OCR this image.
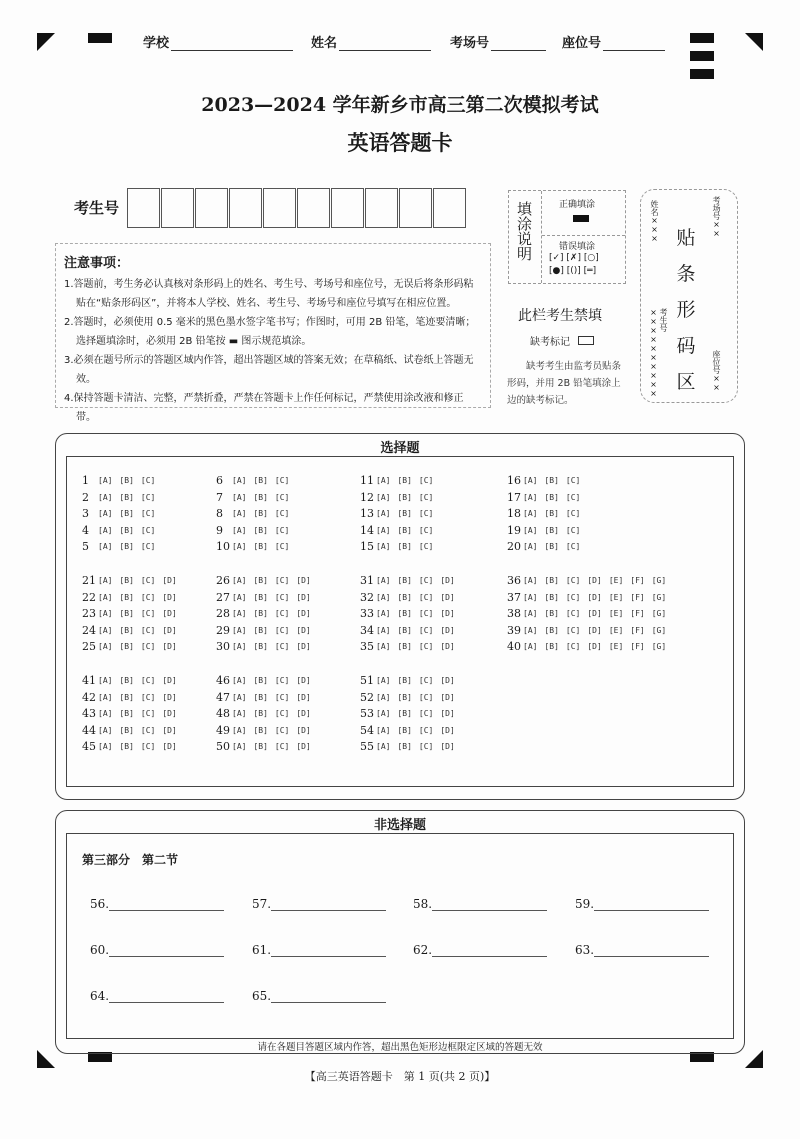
学校	姓名	考场号	座位号
2023—2024 学年新乡市高三第二次模拟考试
英语答题卡
考生号
注意事项：
1.答题前，考生务必认真核对条形码上的姓名、考生号、考场号和座位号，无误后将条形码粘贴在“贴条形码区”，并将本人学校、姓名、考生号、考场号和座位号填写在相应位置。
2.答题时，必须使用 0.5 毫米的黑色墨水签字笔书写；作图时，可用 2B 铅笔，笔迹要清晰；选择题填涂时，必须用 2B 铅笔按 ▬ 图示规范填涂。
3.必须在题号所示的答题区域内作答，超出答题区域的答案无效；在草稿纸、试卷纸上答题无效。
4.保持答题卡清洁、完整，严禁折叠，严禁在答题卡上作任何标记，严禁使用涂改液和修正带。
填涂说明	正确填涂
错误填涂
[✓] [✗] [○]
[●] [()] [═]
此栏考生禁填
缺考标记
缺考考生由监考员贴条形码，并用 2B 铅笔填涂上边的缺考标记。
贴条形码区
姓名×××	考场号××
考生号××××××××××	座位号××
选择题
1	[A] [B] [C]
2	[A] [B] [C]
3	[A] [B] [C]
4	[A] [B] [C]
5	[A] [B] [C]
6	[A] [B] [C]
7	[A] [B] [C]
8	[A] [B] [C]
9	[A] [B] [C]
10 [A] [B] [C]
11 [A] [B] [C]
12 [A] [B] [C]
13 [A] [B] [C]
14 [A] [B] [C]
15 [A] [B] [C]
16 [A] [B] [C]
17 [A] [B] [C]
18 [A] [B] [C]
19 [A] [B] [C]
20 [A] [B] [C]
21 [A] [B] [C] [D]
22 [A] [B] [C] [D]
23 [A] [B] [C] [D]
24 [A] [B] [C] [D]
25 [A] [B] [C] [D]
26 [A] [B] [C] [D]
27 [A] [B] [C] [D]
28 [A] [B] [C] [D]
29 [A] [B] [C] [D]
30 [A] [B] [C] [D]
31 [A] [B] [C] [D]
32 [A] [B] [C] [D]
33 [A] [B] [C] [D]
34 [A] [B] [C] [D]
35 [A] [B] [C] [D]
36 [A] [B] [C] [D] [E] [F] [G]
37 [A] [B] [C] [D] [E] [F] [G]
38 [A] [B] [C] [D] [E] [F] [G]
39 [A] [B] [C] [D] [E] [F] [G]
40 [A] [B] [C] [D] [E] [F] [G]
41 [A] [B] [C] [D]
42 [A] [B] [C] [D]
43 [A] [B] [C] [D]
44 [A] [B] [C] [D]
45 [A] [B] [C] [D]
46 [A] [B] [C] [D]
47 [A] [B] [C] [D]
48 [A] [B] [C] [D]
49 [A] [B] [C] [D]
50 [A] [B] [C] [D]
51 [A] [B] [C] [D]
52 [A] [B] [C] [D]
53 [A] [B] [C] [D]
54 [A] [B] [C] [D]
55 [A] [B] [C] [D]
非选择题
第三部分　第二节
56.	57.	58.	59.
60.	61.	62.	63.
64.	65.
请在各题目答题区域内作答，超出黑色矩形边框限定区域的答题无效
【高三英语答题卡　第 1 页(共 2 页)】
